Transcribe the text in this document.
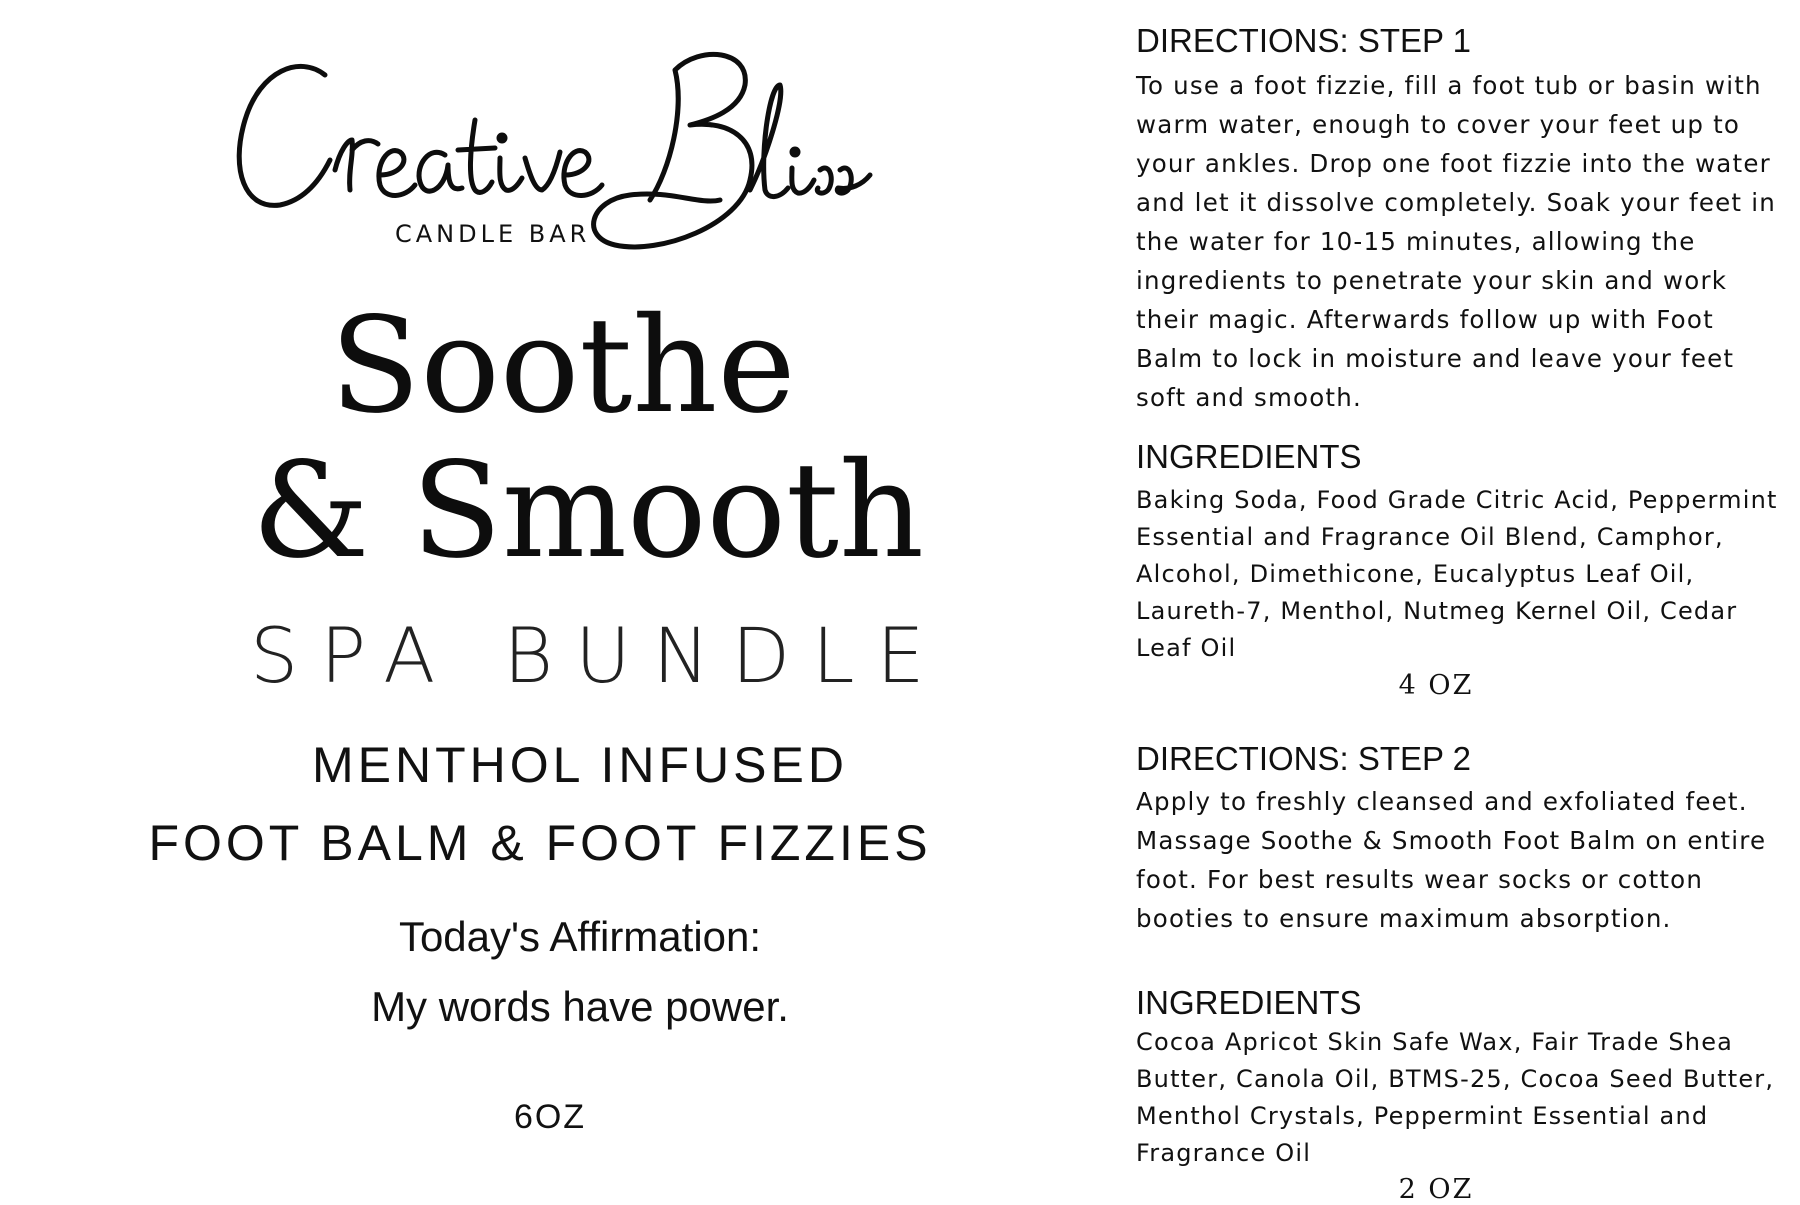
CANDLE BAR
Soothe
& Smooth
SPA BUNDLE
MENTHOL INFUSED
FOOT BALM & FOOT FIZZIES
Today's Affirmation:
My words have power.
6OZ
DIRECTIONS: STEP 1

To use a foot fizzie, fill a foot tub or basin with warm water, enough to cover your feet up to your ankles. Drop one foot fizzie into the water and let it dissolve completely. Soak your feet in the water for 10-15 minutes, allowing the ingredients to penetrate your skin and work their magic. Afterwards follow up with Foot Balm to lock in moisture and leave your feet soft and smooth.

INGREDIENTS

Baking Soda, Food Grade Citric Acid, Peppermint Essential and Fragrance Oil Blend, Camphor, Alcohol, Dimethicone, Eucalyptus Leaf Oil, Laureth-7, Menthol, Nutmeg Kernel Oil, Cedar Leaf Oil

4 OZ
DIRECTIONS: STEP 2

Apply to freshly cleansed and exfoliated feet. Massage Soothe & Smooth Foot Balm on entire foot. For best results wear socks or cotton booties to ensure maximum absorption.

INGREDIENTS

Cocoa Apricot Skin Safe Wax, Fair Trade Shea Butter, Canola Oil, BTMS-25, Cocoa Seed Butter, Menthol Crystals, Peppermint Essential and Fragrance Oil

2 OZ
